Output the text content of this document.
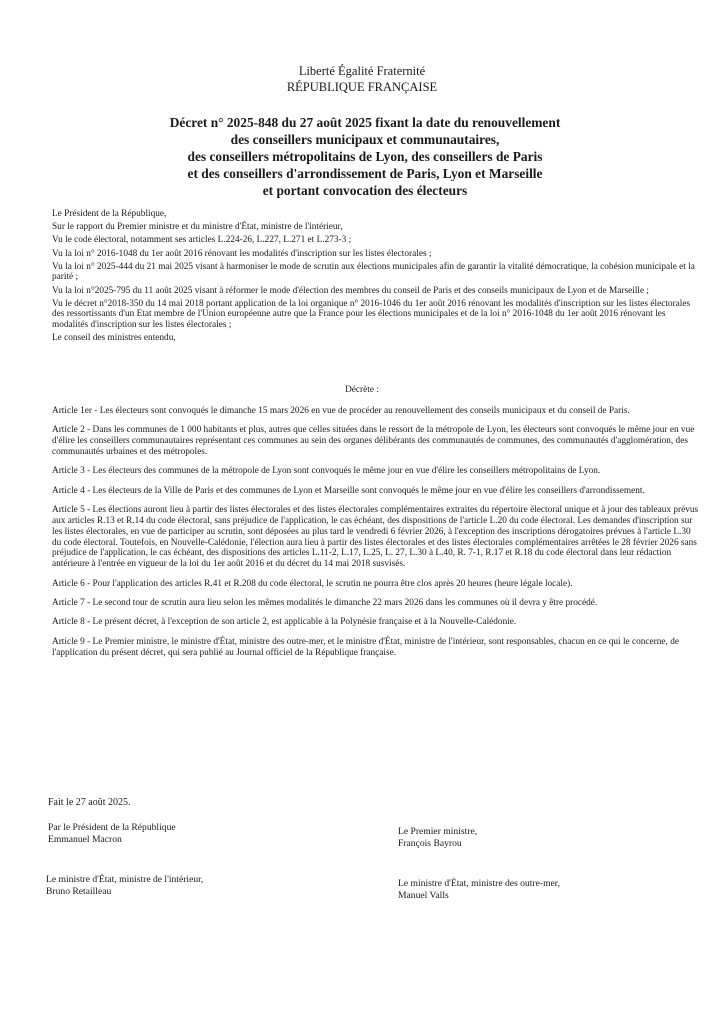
Liberté Égalité Fraternité
RÉPUBLIQUE FRANÇAISE
Décret n° 2025-848 du 27 août 2025 fixant la date du renouvellement
des conseillers municipaux et communautaires,
des conseillers métropolitains de Lyon, des conseillers de Paris
et des conseillers d'arrondissement de Paris, Lyon et Marseille
et portant convocation des électeurs

Le Président de la République,

Sur le rapport du Premier ministre et du ministre d'État, ministre de l'intérieur,

Vu le code électoral, notamment ses articles L.224-26, L.227, L.271 et L.273-3 ;

Vu la loi n° 2016-1048 du 1er août 2016 rénovant les modalités d'inscription sur les listes électorales ;

Vu la loi n° 2025-444 du 21 mai 2025 visant à harmoniser le mode de scrutin aux élections municipales afin de garantir la vitalité démocratique, la cohésion municipale et la parité ;

Vu la loi n°2025-795 du 11 août 2025 visant à réformer le mode d'élection des membres du conseil de Paris et des conseils municipaux de Lyon et de Marseille ;

Vu le décret n°2018-350 du 14 mai 2018 portant application de la loi organique n° 2016-1046 du 1er août 2016 rénovant les modalités d'inscription sur les listes électorales des ressortissants d'un Etat membre de l'Union européenne autre que la France pour les élections municipales et de la loi n° 2016-1048 du 1er août 2016 rénovant les modalités d'inscription sur les listes électorales ;

Le conseil des ministres entendu,

Décrète :

Article 1er - Les électeurs sont convoqués le dimanche 15 mars 2026 en vue de procéder au renouvellement des conseils municipaux et du conseil de Paris.

Article 2 - Dans les communes de 1 000 habitants et plus, autres que celles situées dans le ressort de la métropole de Lyon, les électeurs sont convoqués le même jour en vue d'élire les conseillers communautaires représentant ces communes au sein des organes délibérants des communautés de communes, des communautés d'agglomération, des communautés urbaines et des métropoles.

Article 3 - Les électeurs des communes de la métropole de Lyon sont convoqués le même jour en vue d'élire les conseillers métropolitains de Lyon.

Article 4 - Les électeurs de la Ville de Paris et des communes de Lyon et Marseille sont convoqués le même jour en vue d'élire les conseillers d'arrondissement.

Article 5 - Les élections auront lieu à partir des listes électorales et des listes électorales complémentaires extraites du répertoire électoral unique et à jour des tableaux prévus aux articles R.13 et R.14 du code électoral, sans préjudice de l'application, le cas échéant, des dispositions de l'article L.20 du code électoral. Les demandes d'inscription sur les listes électorales, en vue de participer au scrutin, sont déposées au plus tard le vendredi 6 février 2026, à l'exception des inscriptions dérogatoires prévues à l'article L.30 du code électoral. Toutefois, en Nouvelle-Calédonie, l'élection aura lieu à partir des listes électorales et des listes électorales complémentaires arrêtées le 28 février 2026 sans préjudice de l'application, le cas échéant, des dispositions des articles L.11-2, L.17, L.25, L. 27, L.30 à L.40, R. 7-1, R.17 et R.18 du code électoral dans leur rédaction antérieure à l'entrée en vigueur de la loi du 1er août 2016 et du décret du 14 mai 2018 susvisés.

Article 6 - Pour l'application des articles R.41 et R.208 du code électoral, le scrutin ne pourra être clos après 20 heures (heure légale locale).

Article 7 - Le second tour de scrutin aura lieu selon les mêmes modalités le dimanche 22 mars 2026 dans les communes où il devra y être procédé.

Article 8 - Le présent décret, à l'exception de son article 2, est applicable à la Polynésie française et à la Nouvelle-Calédonie.

Article 9 - Le Premier ministre, le ministre d'État, ministre des outre-mer, et le ministre d'État, ministre de l'intérieur, sont responsables, chacun en ce qui le concerne, de l'application du présent décret, qui sera publié au Journal officiel de la République française.

Fait le 27 août 2025.
Par le Président de la République
Emmanuel Macron
Le Premier ministre,
François Bayrou
Le ministre d'État, ministre de l'intérieur,
Bruno Retailleau
Le ministre d'État, ministre des outre-mer,
Manuel Valls
